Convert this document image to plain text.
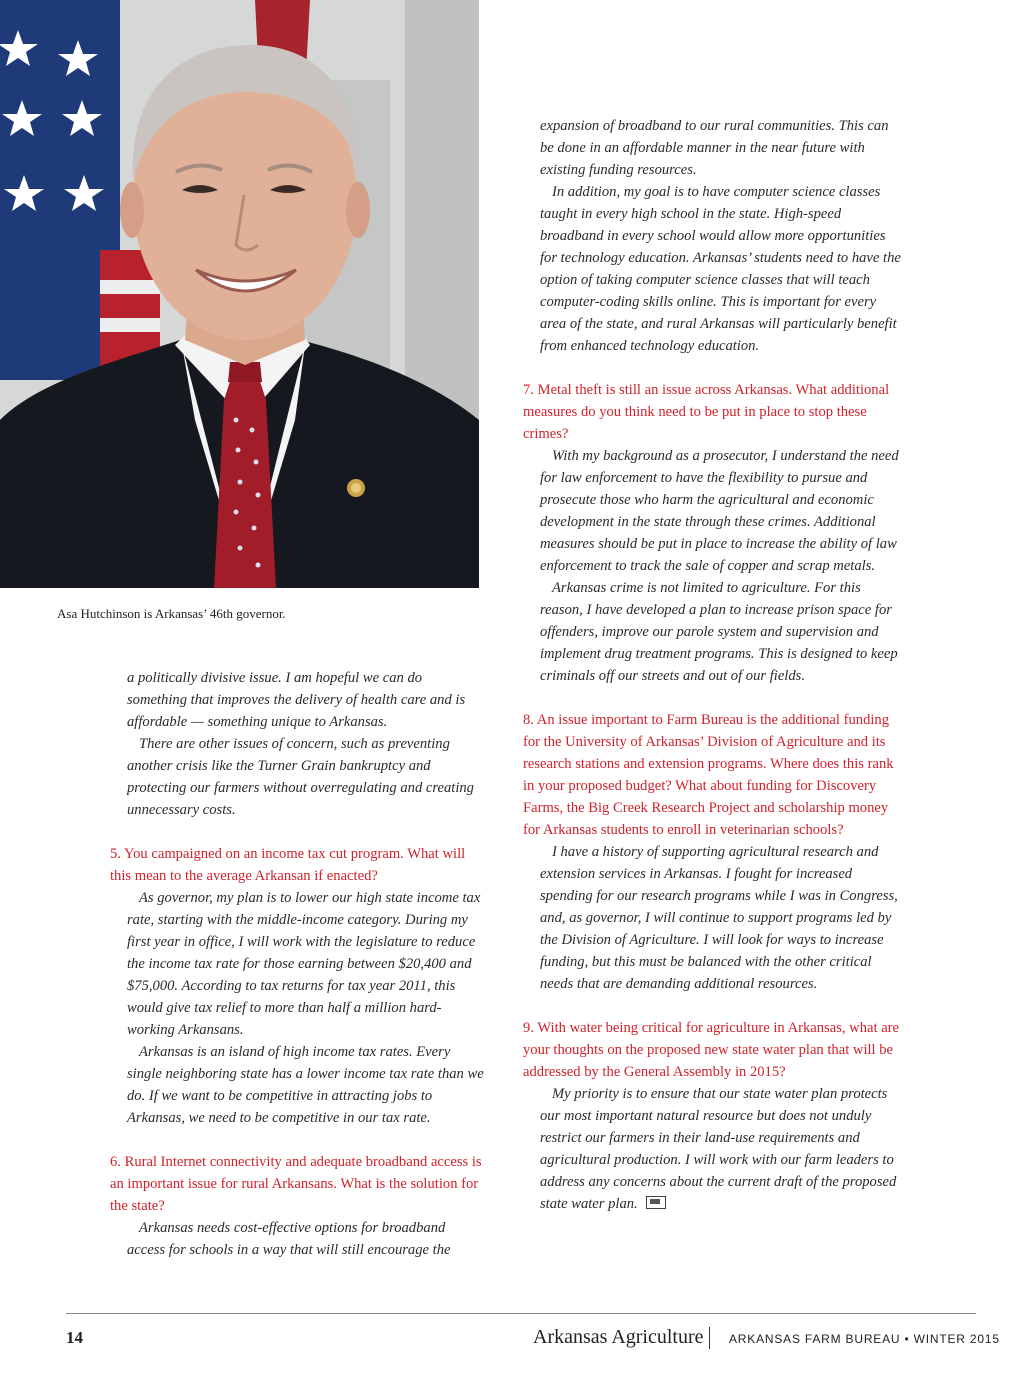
Asa Hutchinson is Arkansas’ 46th governor.

a politically divisive issue. I am hopeful we can do something that improves the delivery of health care and is affordable — something unique to Arkansas.

There are other issues of concern, such as preventing another crisis like the Turner Grain bankruptcy and protecting our farmers without overregulating and creating unnecessary costs.

5. You campaigned on an income tax cut program. What will this mean to the average Arkansan if enacted?

As governor, my plan is to lower our high state income tax rate, starting with the middle-income category. During my first year in office, I will work with the legislature to reduce the income tax rate for those earning between $20,400 and $75,000. According to tax returns for tax year 2011, this would give tax relief to more than half a million hard-working Arkansans.

Arkansas is an island of high income tax rates. Every single neighboring state has a lower income tax rate than we do. If we want to be competitive in attracting jobs to Arkansas, we need to be competitive in our tax rate.

6. Rural Internet connectivity and adequate broadband access is an important issue for rural Arkansans. What is the solution for the state?

Arkansas needs cost-effective options for broadband access for schools in a way that will still encourage the

expansion of broadband to our rural communities. This can be done in an affordable manner in the near future with existing funding resources.

In addition, my goal is to have computer science classes taught in every high school in the state. High-speed broadband in every school would allow more opportunities for technology education. Arkansas’ students need to have the option of taking computer science classes that will teach computer-coding skills online. This is important for every area of the state, and rural Arkansas will particularly benefit from enhanced technology education.

7. Metal theft is still an issue across Arkansas. What additional measures do you think need to be put in place to stop these crimes?

With my background as a prosecutor, I understand the need for law enforcement to have the flexibility to pursue and prosecute those who harm the agricultural and economic development in the state through these crimes. Additional measures should be put in place to increase the ability of law enforcement to track the sale of copper and scrap metals.

Arkansas crime is not limited to agriculture. For this reason, I have developed a plan to increase prison space for offenders, improve our parole system and supervision and implement drug treatment programs. This is designed to keep criminals off our streets and out of our fields.

8. An issue important to Farm Bureau is the additional funding for the University of Arkansas’ Division of Agriculture and its research stations and extension programs. Where does this rank in your proposed budget? What about funding for Discovery Farms, the Big Creek Research Project and scholarship money for Arkansas students to enroll in veterinarian schools?

I have a history of supporting agricultural research and extension services in Arkansas. I fought for increased spending for our research programs while I was in Congress, and, as governor, I will continue to support programs led by the Division of Agriculture. I will look for ways to increase funding, but this must be balanced with the other critical needs that are demanding additional resources.

9. With water being critical for agriculture in Arkansas, what are your thoughts on the proposed new state water plan that will be addressed by the General Assembly in 2015?

My priority is to ensure that our state water plan protects our most important natural resource but does not unduly restrict our farmers in their land-use requirements and agricultural production. I will work with our farm leaders to address any concerns about the current draft of the proposed state water plan.

14	Arkansas Agriculture ARKANSAS FARM BUREAU • WINTER 2015
